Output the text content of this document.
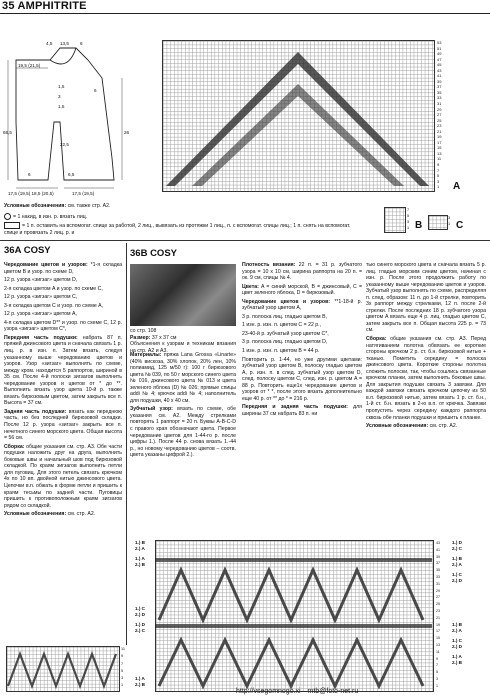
35 AMPHITRITE
4,5 13,5 6
19,5 (21,5)
1,5
3
1,5
6
22,5
26
68,5
6
17,5 (19,5) 18,5 (20,5)
6,5
17,5 (19,5)
53
51
49
47
45
43
41
39
37
35
33
31
29
27
25
23
21
19
17
15
13
11
9
7
5
3
1	A
Условные обозначения: см. также стр. А2.
= 1 накид, в изн. р. вязать лиц.
= 1 п. оставить на вспомогат. спице за работой, 2 лиц., вывязать из протяжки 1 лиц., п. с вспомогат. спицы лиц.; 1 п. снять на вспомогат. спице и провязать 2 лиц. р. и
7
5
3
1 B
3
1 C
36A COSY

Чередование цветов и узоров: *1-я складка цветом B и узор. по схеме D,

12 р. узора «зигзаг» цветом D,

2-я складка цветом A и узор. по схеме C,

12 р. узора «зигзаг» цветом C,

3-я складка цветом C и узор. по схеме A,

12 р. узора «зигзаг» цветом A,

4-я складка цветом D** и узор. по схеме C, 12 р. узора «зигзаг» цветом C*,

Передняя часть подушки: набрать 87 п. пряжей джинсового цвета и сначала связать 1 р. лиц. р. в изн. п. Затем вязать, следуя указанному выше чередованию цветов и узоров. Узор «зигзаг» выполнять по схеме, между кром. находится 5 раппортов, шириной в 35 см. После 4-й полоски зигзагов выполнить чередование узоров и цветов от * до **. Выполнить вязать узор цвета 10-й р. также вязать бирюзовым цветом, затем закрыть все п. Высота = 37 см.

Задняя часть подушки: вязать как переднюю часть, но без последней бирюзовой складки. После 12 р. узора «зигзаг» закрыть все п. нечетного синего морского цвета. Общая высота = 56 см.

Сборка: общие указания см. стр. А3. Обе части подушки наложить друг на друга, выполнить боковые швы и начальный шов под бирюзовой складкой. По краям зигзагов выполнить петли для пуговиц. Для этого петель связать крючком 4х по 10 вп. двойной нитью джинсового цвета. Цепочки в.п. обжать в форме петли и пришить к краям тесьмы по задней части. Пуговицы пришить к противоположным краям зигзагов рядом со складкой.

Условные обозначения: см. стр. А2.

11
9
7
5
3
1
36B COSY

со стр. 108

Размер: 37 x 37 см

Объяснения к узорам и техникам вязания на стр. А2 и А3.

Материалы: пряжа Lana Grossa «Linarte» (40% вискоза, 30% хлопок, 20% лен, 10% полиамид, 125 м/50 г): 100 г бирюзового цвета № 039, по 50 г морского синего цвета № 016, джинсового цвета № 013 и цвета зеленого яблока (D) № 026; прямые спицы addi № 4; крючок addi № 4; наполнитель для подушки, 40 х 40 см.

Зубчатый узор: вязать по схеме, обе указания см. А2. Между стрелками повторять 1 раппорт = 20 п. Буквы A-B-C-D с правого края обозначают цвета. Первое чередование цветов для 1-44-го р. после цифры 1.). После 44 р. снова вязать 1.-44 р., но новому чередованию цветов – соотв. цвета указаны цифрой 2.).

Плотность вязания: 22 п. = 31 р. зубчатого узора = 10 x 10 см, ширина раппорта на 20 п. = ок. 9 см, спицы № 4.

Цвета: A = синий морской, B = джинсовый, C = цвет зеленого яблока, D = бирюзовый.

Чередование цветов и узоров: **1-18-й р. зубчатый узор цветом A,

3 р. полоска лиц. гладью цветом B,

1 изн. р. изн. п. цветом C = 22 р.,

23-40-й р. зубчатый узор цветом C*,

3 р. полоска лиц. гладью цветом D,

1 изн. р. изн. п. цветом B = 44 р.

Повторить р. 1-44, но уже другими цветами: зубчатый узор цветом B, полоску гладью цветом A, р. изн. п. в след. зубчатый узор цветом D, след. полоску цветом C, след. изн. р. цветом A = 88 р. Повторить еще1х чередование цветов и узоров от * *, после этого вязать дополнительно еще 40 р. от ** до * = 216 р.

Передняя и задняя часть подушки: для ширины 37 см набрать 83 п. ни

тью синего морского цвета и сначала вязать 5 р. лиц. гладью морским синим цветом, начиная с изн. р. После этого продолжить работу по указанному выше чередованию цветов и узоров. Зубчатый узор выполнять по схеме, распределяя п. след. образом: 11 п. до 1-й стрелки, повторить 3х раппорт между стрелками, 12 п. после 2-й стрелки. После последних 18 р. зубчатого узора цветом A вязать еще 4 р. лиц. гладью цветом C, затем закрыть все п. Общая высота 225 р. = 73 см.

Сборка: общие указания см. стр. А3. Перед натягиванием полотна обвязать ее короткие стороны крючком 2 р. ст. б.н. бирюзовой нитью + тканью. Пометить середину = полоска джинсового цвета. Короткие стороны полотна сложить полоски, так, чтобы сошлись связанные крючком планки, затем выполнить боковые швы. Для закрытия подушки связать 3 завязки. Для каждой завязки связать крючком цепочку из 50 в.п. бирюзовой нитью, затем вязать 1 р. ст. б.н., 1-й ст. б.н. вязать в 2-ю в.п. от крючка. Завязки пропустить через середину каждого раппорта сквозь обе планки подушки и пришить к планке.

Условные обозначения: см. стр. А2.

1.) B
2.) A
1.) A
2.) B
1.) C
2.) D
1.) D
2.) C
1.) A
2.) B
43
41
39
37
35
33
31
29
27
25
23
21
19
17
15
13
11
9
7
5
3
1
1.) D
2.) C
1.) B
2.) A
1.) C
2.) D
1.) B
2.) A
1.) C
2.) D
1.) A
2.) B
http://vsegomnogo.xi—mtb@foto-net.ru
